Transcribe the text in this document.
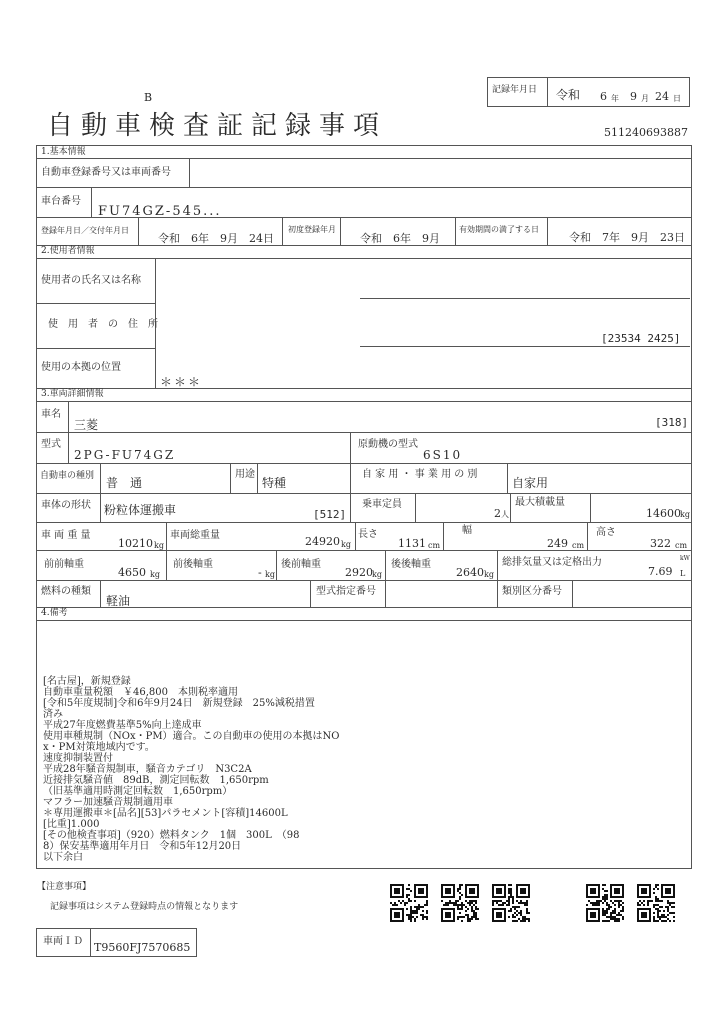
B
自動車検査証記録事項
記録年月日 令和 6 年 9 月 24 日
511240693887
1.基本情報
自動車登録番号又は車両番号
車台番号
FU74GZ-545...
登録年月日／交付年月日
令和　6年　9月　24日
初度登録年月
令和　6年　9月
有効期間の満了する日
令和　7年　9月　23日
2.使用者情報
使用者の氏名又は名称
使　用　者　の　住　所
[23534 2425]
使用の本拠の位置
＊＊＊
3.車両詳細情報
車名
三菱	[318]
型式
2PG-FU74GZ
原動機の型式
6S10
自動車の種別 普　通
用途
特種
自 家 用 ・ 事 業 用 の 別
自家用
車体の形状 粉粒体運搬車	[512]
乗車定員
2 人
最大積載量
14600 kg
車 両 重 量
10210 kg
車両総重量	24920 kg
長さ
1131 cm
幅
249 cm
高さ
322 cm
前前軸重
4650 kg
前後軸重
- kg
後前軸重
2920 kg
後後軸重
2640 kg
総排気量又は定格出力
7.69
kW
L
燃料の種類
軽油
型式指定番号	類別区分番号
4.備考
[名古屋]，新規登録
自動車重量税額　￥46,800　本則税率適用
[令和5年度規制]令和6年9月24日　新規登録　25%減税措置
済み
平成27年度燃費基準5%向上達成車
使用車種規制（NOx・PM）適合。この自動車の使用の本拠はNO
x・PM対策地域内です。
速度抑制装置付
平成28年騒音規制車，騒音カテゴリ　N3C2A
近接排気騒音値　89dB，測定回転数　1,650rpm
（旧基準適用時測定回転数　1,650rpm）
マフラー加速騒音規制適用車
＊専用運搬車＊[品名][53]パラセメント[容積]14600L
[比重]1.000
[その他検査事項]（920）燃料タンク　1個　300L　（98
8）保安基準適用年月日　令和5年12月20日
以下余白
【注意事項】
記録事項はシステム登録時点の情報となります
車両ＩＤ T9560FJ7570685
